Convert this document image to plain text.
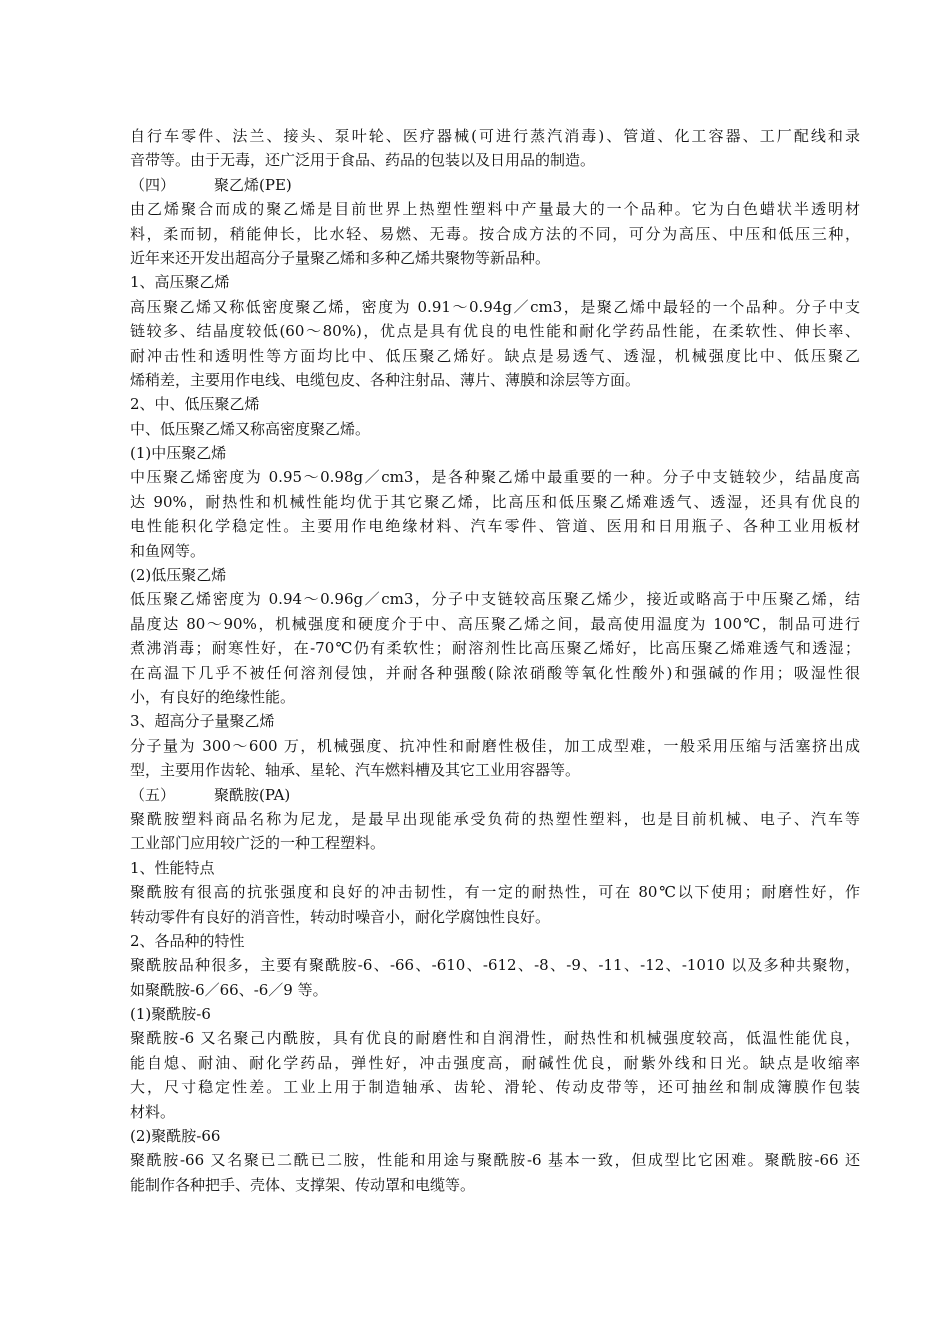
自行车零件、法兰、接头、泵叶轮、医疗器械(可进行蒸汽消毒)、管道、化工容器、工厂配线和录
音带等。由于无毒，还广泛用于食品、药品的包装以及日用品的制造。
（四）	聚乙烯(PE)
由乙烯聚合而成的聚乙烯是目前世界上热塑性塑料中产量最大的一个品种。它为白色蜡状半透明材
料，柔而韧，稍能伸长，比水轻、易燃、无毒。按合成方法的不同，可分为高压、中压和低压三种，
近年来还开发出超高分子量聚乙烯和多种乙烯共聚物等新品种。
1、高压聚乙烯
高压聚乙烯又称低密度聚乙烯，密度为 0.91～0.94g／cm3，是聚乙烯中最轻的一个品种。分子中支
链较多、结晶度较低(60～80%)，优点是具有优良的电性能和耐化学药品性能，在柔软性、伸长率、
耐冲击性和透明性等方面均比中、低压聚乙烯好。缺点是易透气、透湿，机械强度比中、低压聚乙
烯稍差，主要用作电线、电缆包皮、各种注射品、薄片、薄膜和涂层等方面。
2、中、低压聚乙烯
中、低压聚乙烯又称高密度聚乙烯。
(1)中压聚乙烯
中压聚乙烯密度为 0.95～0.98g／cm3，是各种聚乙烯中最重要的一种。分子中支链较少，结晶度高
达 90%，耐热性和机械性能均优于其它聚乙烯，比高压和低压聚乙烯难透气、透湿，还具有优良的
电性能积化学稳定性。主要用作电绝缘材料、汽车零件、管道、医用和日用瓶子、各种工业用板材
和鱼网等。
(2)低压聚乙烯
低压聚乙烯密度为 0.94～0.96g／cm3，分子中支链较高压聚乙烯少，接近或略高于中压聚乙烯，结
晶度达 80～90%，机械强度和硬度介于中、高压聚乙烯之间，最高使用温度为 100℃，制品可进行
煮沸消毒；耐寒性好，在-70℃仍有柔软性；耐溶剂性比高压聚乙烯好，比高压聚乙烯难透气和透湿；
在高温下几乎不被任何溶剂侵蚀，并耐各种强酸(除浓硝酸等氧化性酸外)和强碱的作用；吸湿性很
小，有良好的绝缘性能。
3、超高分子量聚乙烯
分子量为 300～600 万，机械强度、抗冲性和耐磨性极佳，加工成型难，一般采用压缩与活塞挤出成
型，主要用作齿轮、轴承、星轮、汽车燃料槽及其它工业用容器等。
（五）	聚酰胺(PA)
聚酰胺塑料商品名称为尼龙，是最早出现能承受负荷的热塑性塑料，也是目前机械、电子、汽车等
工业部门应用较广泛的一种工程塑料。
1、性能特点
聚酰胺有很高的抗张强度和良好的冲击韧性，有一定的耐热性，可在 80℃以下使用；耐磨性好，作
转动零件有良好的消音性，转动时噪音小，耐化学腐蚀性良好。
2、各品种的特性
聚酰胺品种很多，主要有聚酰胺-6、-66、-610、-612、-8、-9、-11、-12、-1010 以及多种共聚物，
如聚酰胺-6／66、-6／9 等。
(1)聚酰胺-6
聚酰胺-6 又名聚己内酰胺，具有优良的耐磨性和自润滑性，耐热性和机械强度较高，低温性能优良，
能自熄、耐油、耐化学药品，弹性好，冲击强度高，耐碱性优良，耐紫外线和日光。缺点是收缩率
大，尺寸稳定性差。工业上用于制造轴承、齿轮、滑轮、传动皮带等，还可抽丝和制成簿膜作包装
材料。
(2)聚酰胺-66
聚酰胺-66 又名聚已二酰已二胺，性能和用途与聚酰胺-6 基本一致，但成型比它困难。聚酰胺-66 还
能制作各种把手、壳体、支撑架、传动罩和电缆等。
